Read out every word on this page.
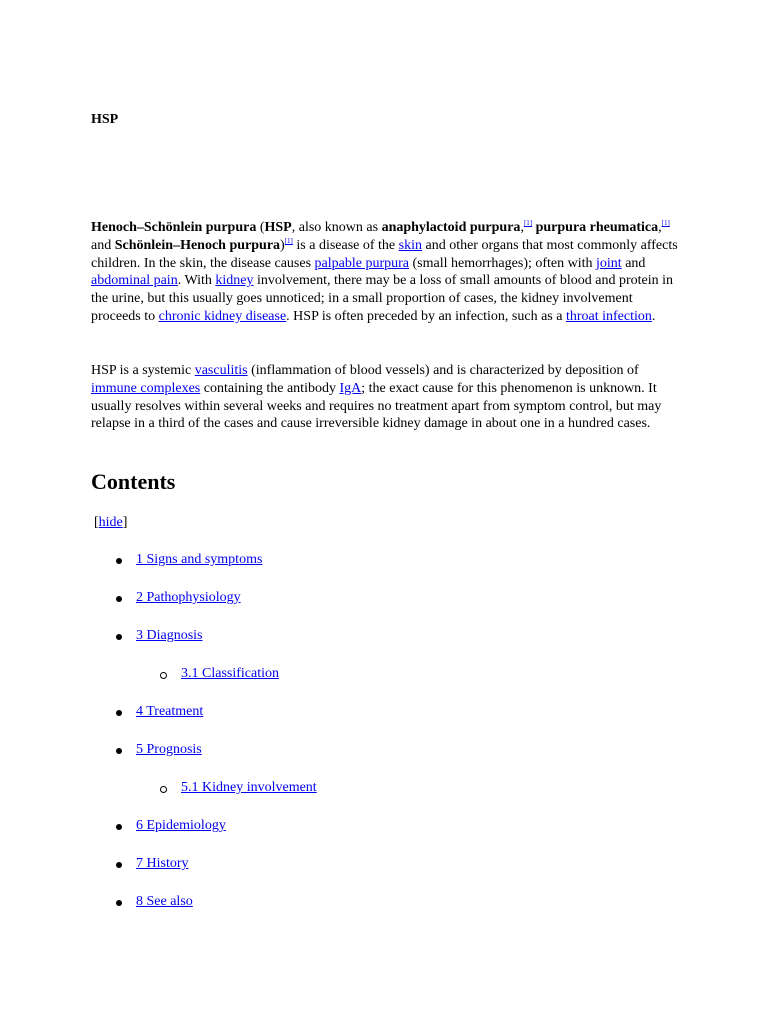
HSP

Henoch–Schönlein purpura (HSP, also known as anaphylactoid purpura,[1] purpura rheumatica,[1] and Schönlein–Henoch purpura)[1] is a disease of the skin and other organs that most commonly affects children. In the skin, the disease causes palpable purpura (small hemorrhages); often with joint and abdominal pain. With kidney involvement, there may be a loss of small amounts of blood and protein in the urine, but this usually goes unnoticed; in a small proportion of cases, the kidney involvement proceeds to chronic kidney disease. HSP is often preceded by an infection, such as a throat infection.

HSP is a systemic vasculitis (inflammation of blood vessels) and is characterized by deposition of immune complexes containing the antibody IgA; the exact cause for this phenomenon is unknown. It usually resolves within several weeks and requires no treatment apart from symptom control, but may relapse in a third of the cases and cause irreversible kidney damage in about one in a hundred cases.

Contents
[hide]
1 Signs and symptoms
2 Pathophysiology
3 Diagnosis
3.1 Classification
4 Treatment
5 Prognosis
5.1 Kidney involvement
6 Epidemiology
7 History
8 See also
